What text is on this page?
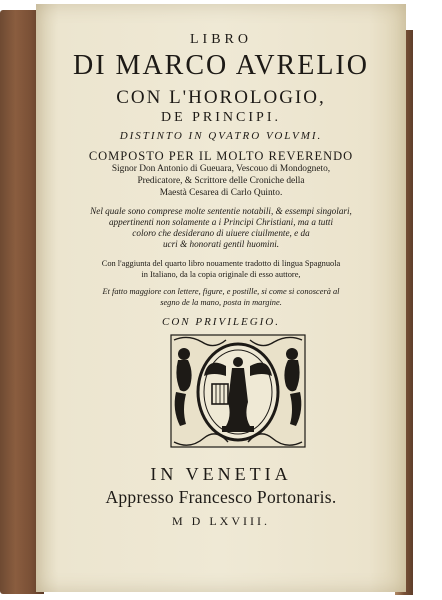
LIBRO
DI MARCO AVRELIO
CON L'HOROLOGIO,
DE PRINCIPI.
DISTINTO IN QVATRO VOLVMI.
COMPOSTO PER IL MOLTO REVERENDO
Signor Don Antonio di Gueuara, Vescouo di Mondogneto,
Predicatore, & Scrittore delle Croniche della
Maestà Cesarea di Carlo Quinto.
Nel quale sono comprese molte sententie notabili, & essempi singolari,
appertinenti non solamente a i Principi Christiani, ma a tutti
coloro che desiderano di uiuere ciuilmente, e da
ucri & honorati gentil huomini.
Con l'aggiunta del quarto libro nouamente tradotto di lingua Spagnuola
in Italiano, da la copia originale di esso auttore,
Et fatto maggiore con lettere, figure, e postille, si come si conoscerà al
segno de la mano, posta in margine.
CON PRIVILEGIO.
IN VENETIA
Appresso Francesco Portonaris.
M D LXVIII.
